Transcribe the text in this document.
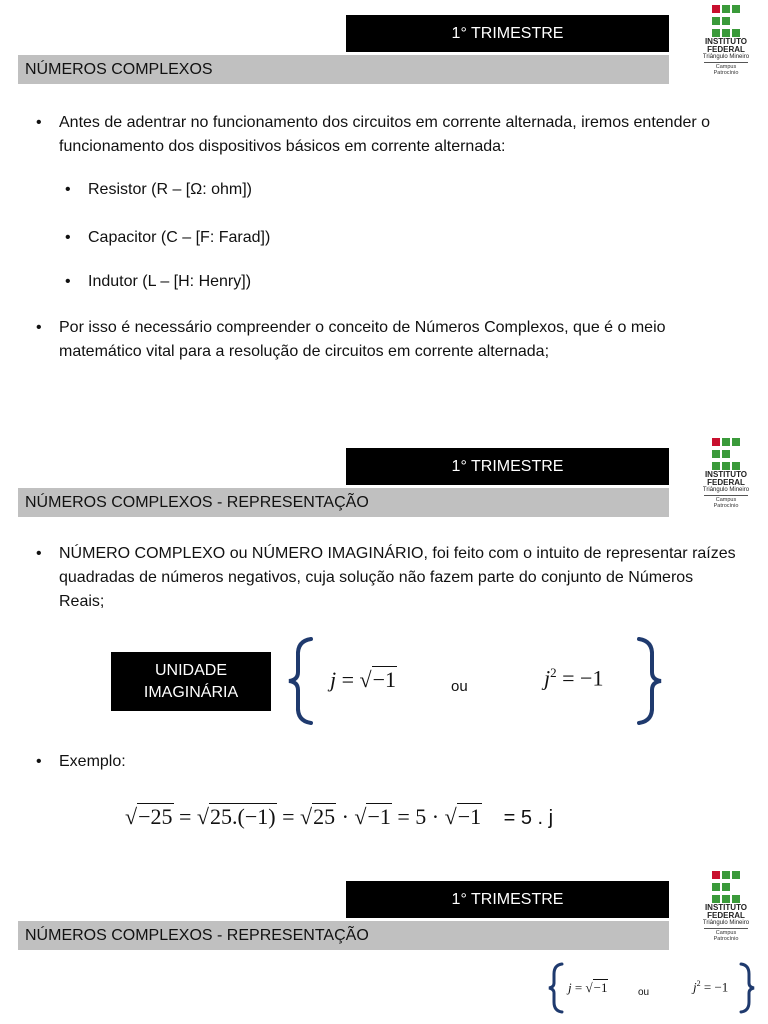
1° TRIMESTRE
NÚMEROS COMPLEXOS
INSTITUTO
FEDERAL
Triângulo Mineiro
Campus
Patrocínio
•	Antes de adentrar no funcionamento dos circuitos em corrente alternada, iremos entender o funcionamento dos dispositivos básicos em corrente alternada:
•	Resistor (R – [Ω: ohm])
•	Capacitor (C – [F: Farad])
•	Indutor (L – [H: Henry])
•	Por isso é necessário compreender o conceito de Números Complexos, que é o meio matemático vital para a resolução de circuitos em corrente alternada;
1° TRIMESTRE
NÚMEROS COMPLEXOS - REPRESENTAÇÃO
INSTITUTO
FEDERAL
Triângulo Mineiro
Campus
Patrocínio
•	NÚMERO COMPLEXO ou NÚMERO IMAGINÁRIO, foi feito com o intuito de representar raízes quadradas de números negativos, cuja solução não fazem parte do conjunto de Números Reais;
UNIDADE
IMAGINÁRIA	j = √−1	ou	$j^2 = -1$
•	Exemplo:
√−25 = √25.(−1) = √25 · √−1 = 5 · √−1 = 5 . j
1° TRIMESTRE
NÚMEROS COMPLEXOS - REPRESENTAÇÃO
INSTITUTO
FEDERAL
Triângulo Mineiro
Campus
Patrocínio
j = √−1	ou	$j^2 = -1$
